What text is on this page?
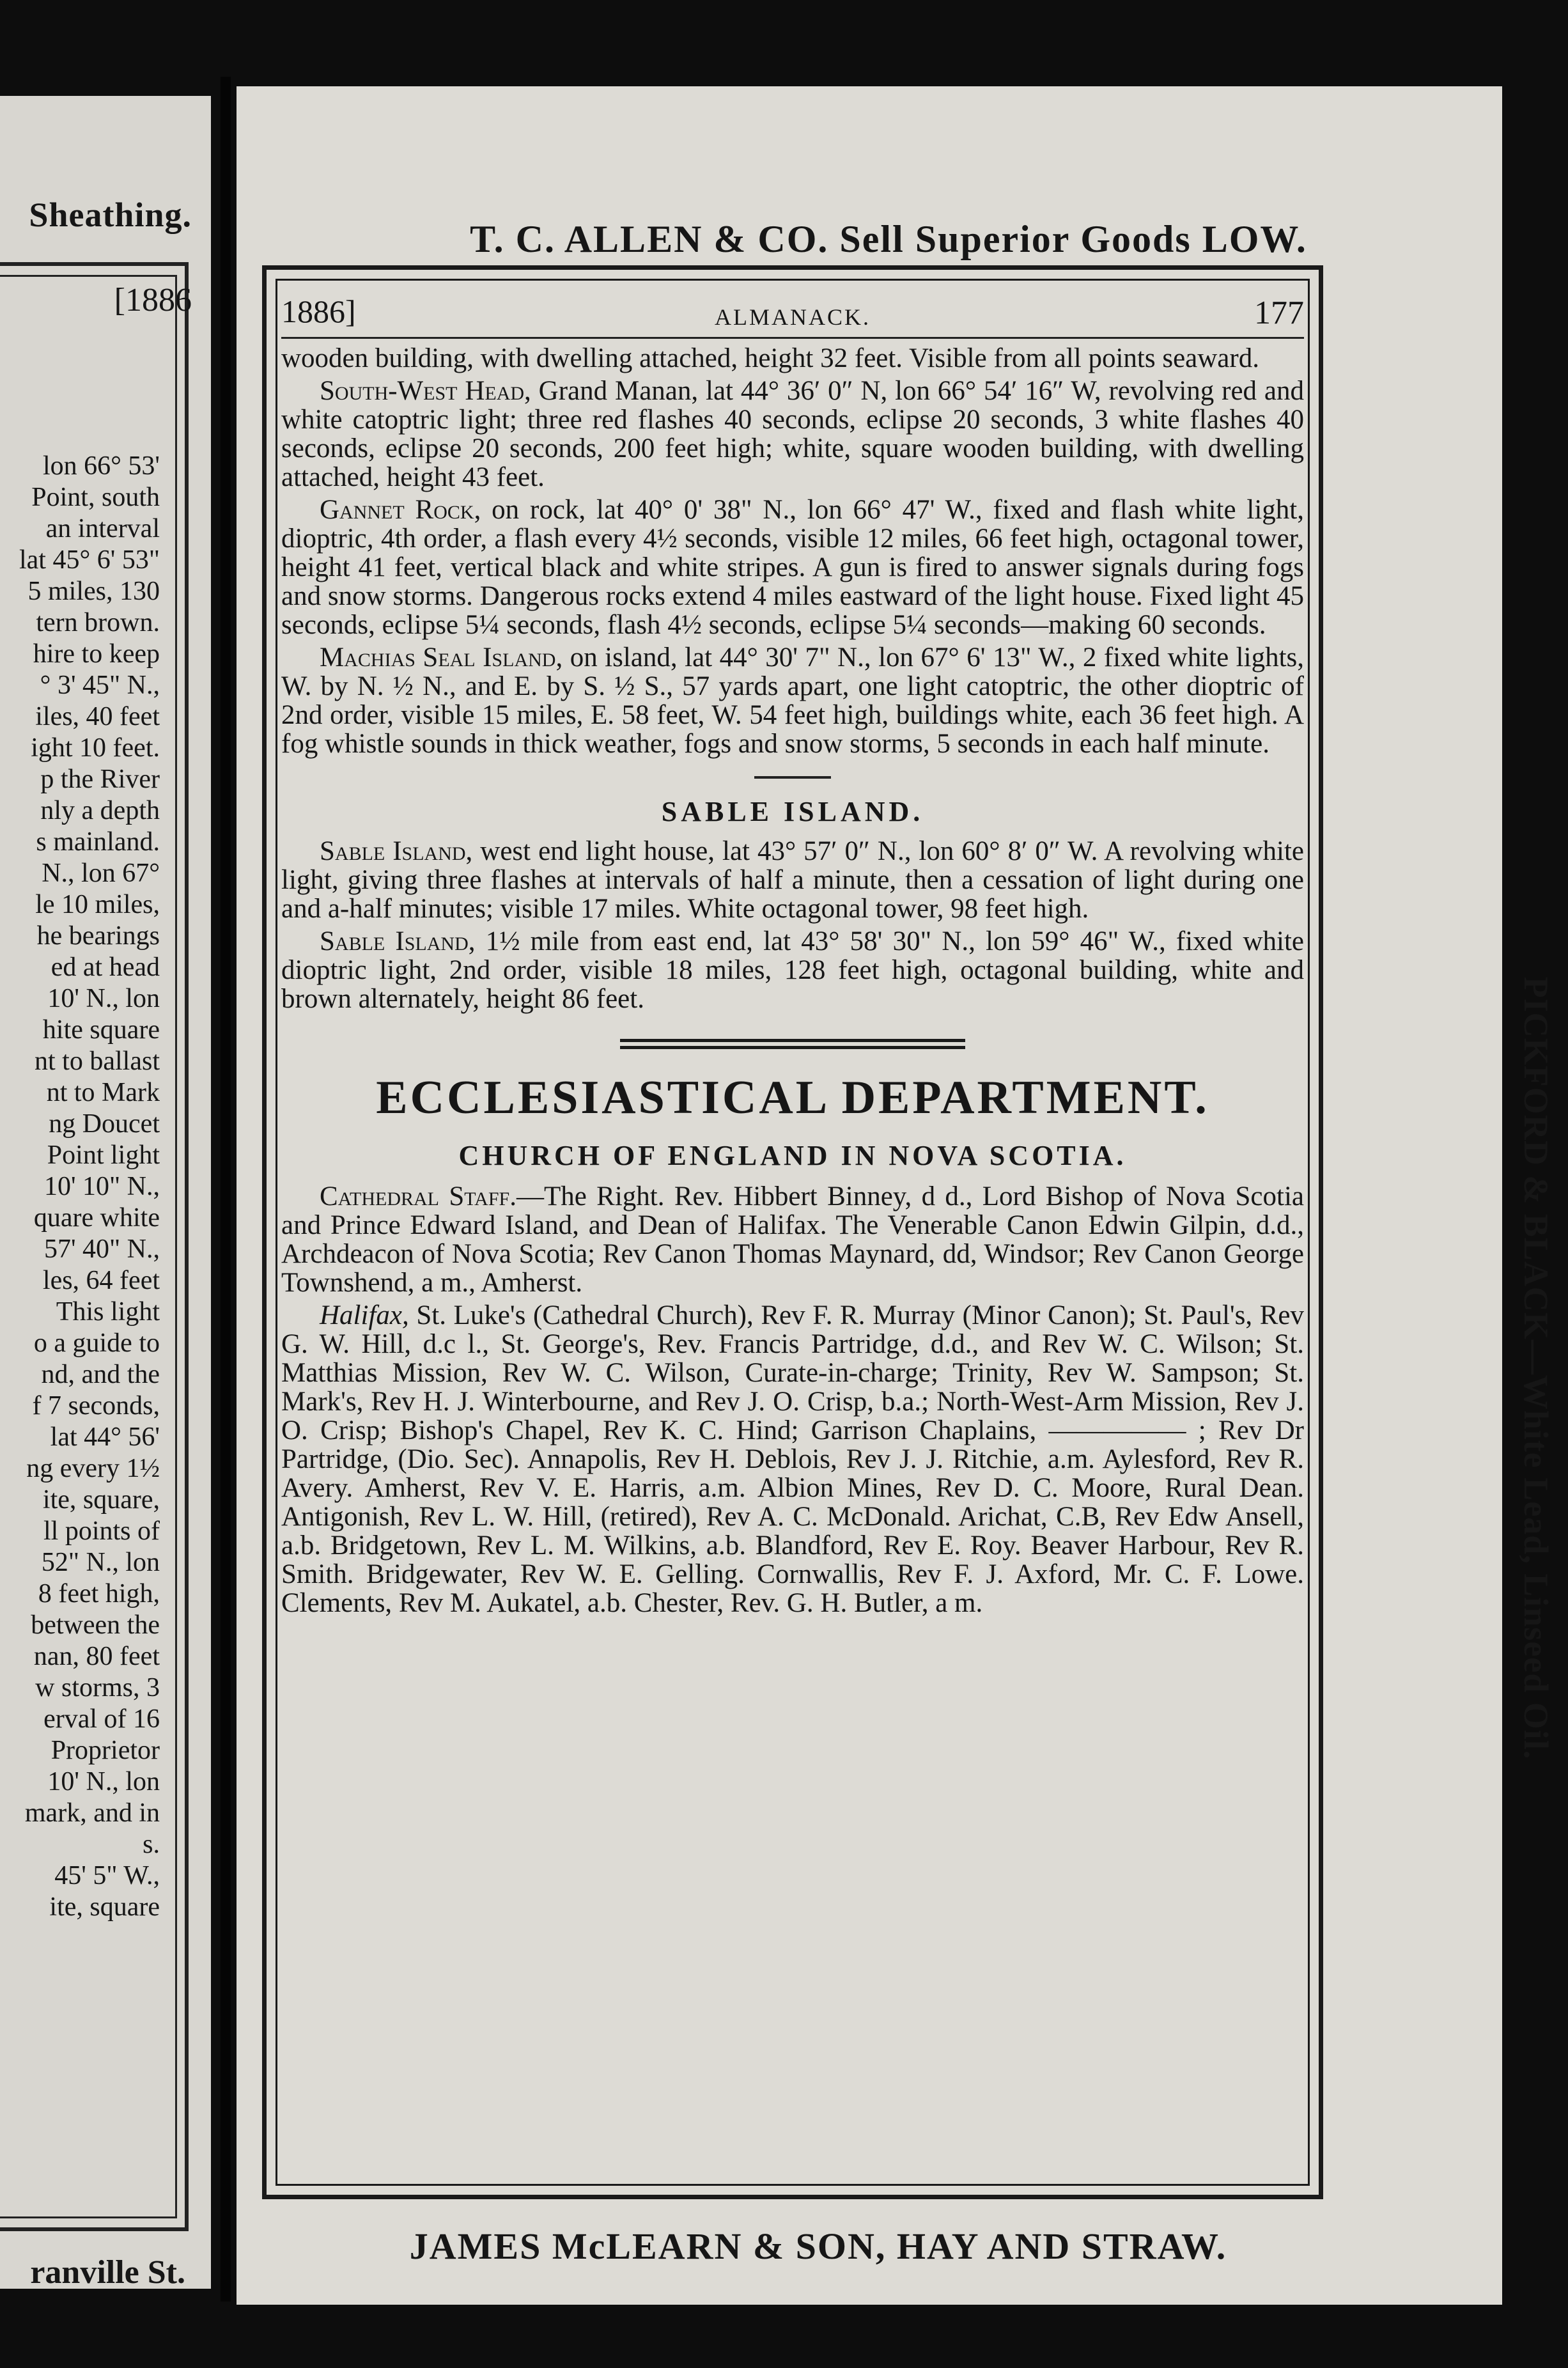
Sheathing.
[1886
lon 66° 53'
Point, south
an interval
lat 45° 6' 53"
5 miles, 130
tern brown.
hire to keep
° 3' 45" N.,
iles, 40 feet
ight 10 feet.
p the River
nly a depth
s mainland.
N., lon 67°
le 10 miles,
he bearings
ed at head
10' N., lon
hite square
nt to ballast
nt to Mark
ng Doucet
Point light
10' 10" N.,
quare white
57' 40" N.,
les, 64 feet
This light
o a guide to
nd, and the
f 7 seconds,
lat 44° 56'
ng every 1½
ite, square,
ll points of
52" N., lon
8 feet high,
between the
nan, 80 feet
w storms, 3
erval of 16
Proprietor
10' N., lon
mark, and in
s.
45' 5" W.,
ite, square
ranville St.
T. C. ALLEN & CO. Sell Superior Goods LOW.
1886]	ALMANACK.	177

wooden building, with dwelling attached, height 32 feet. Visible from all points seaward.

South-West Head, Grand Manan, lat 44° 36′ 0″ N, lon 66° 54′ 16″ W, revolving red and white catoptric light; three red flashes 40 seconds, eclipse 20 seconds, 3 white flashes 40 seconds, eclipse 20 seconds, 200 feet high; white, square wooden building, with dwelling attached, height 43 feet.

Gannet Rock, on rock, lat 40° 0' 38" N., lon 66° 47' W., fixed and flash white light, dioptric, 4th order, a flash every 4½ seconds, visible 12 miles, 66 feet high, octagonal tower, height 41 feet, vertical black and white stripes. A gun is fired to answer signals during fogs and snow storms. Dangerous rocks extend 4 miles eastward of the light house. Fixed light 45 seconds, eclipse 5¼ seconds, flash 4½ seconds, eclipse 5¼ seconds—making 60 seconds.

Machias Seal Island, on island, lat 44° 30' 7" N., lon 67° 6' 13" W., 2 fixed white lights, W. by N. ½ N., and E. by S. ½ S., 57 yards apart, one light catoptric, the other dioptric of 2nd order, visible 15 miles, E. 58 feet, W. 54 feet high, buildings white, each 36 feet high. A fog whistle sounds in thick weather, fogs and snow storms, 5 seconds in each half minute.

SABLE ISLAND.

Sable Island, west end light house, lat 43° 57′ 0″ N., lon 60° 8′ 0″ W. A revolving white light, giving three flashes at intervals of half a minute, then a cessation of light during one and a-half minutes; visible 17 miles. White octagonal tower, 98 feet high.

Sable Island, 1½ mile from east end, lat 43° 58' 30" N., lon 59° 46" W., fixed white dioptric light, 2nd order, visible 18 miles, 128 feet high, octagonal building, white and brown alternately, height 86 feet.

ECCLESIASTICAL DEPARTMENT.
CHURCH OF ENGLAND IN NOVA SCOTIA.

Cathedral Staff.—The Right. Rev. Hibbert Binney, d d., Lord Bishop of Nova Scotia and Prince Edward Island, and Dean of Halifax. The Venerable Canon Edwin Gilpin, d.d., Archdeacon of Nova Scotia; Rev Canon Thomas Maynard, dd, Windsor; Rev Canon George Townshend, a m., Amherst.

Halifax, St. Luke's (Cathedral Church), Rev F. R. Murray (Minor Canon); St. Paul's, Rev G. W. Hill, d.c l., St. George's, Rev. Francis Partridge, d.d., and Rev W. C. Wilson; St. Matthias Mission, Rev W. C. Wilson, Curate-in-charge; Trinity, Rev W. Sampson; St. Mark's, Rev H. J. Winterbourne, and Rev J. O. Crisp, b.a.; North-West-Arm Mission, Rev J. O. Crisp; Bishop's Chapel, Rev K. C. Hind; Garrison Chaplains, ————— ; Rev Dr Partridge, (Dio. Sec). Annapolis, Rev H. Deblois, Rev J. J. Ritchie, a.m. Aylesford, Rev R. Avery. Amherst, Rev V. E. Harris, a.m. Albion Mines, Rev D. C. Moore, Rural Dean. Antigonish, Rev L. W. Hill, (retired), Rev A. C. McDonald. Arichat, C.B, Rev Edw Ansell, a.b. Bridgetown, Rev L. M. Wilkins, a.b. Blandford, Rev E. Roy. Beaver Harbour, Rev R. Smith. Bridgewater, Rev W. E. Gelling. Cornwallis, Rev F. J. Axford, Mr. C. F. Lowe. Clements, Rev M. Aukatel, a.b. Chester, Rev. G. H. Butler, a m.

JAMES McLEARN & SON, HAY AND STRAW.
PICKFORD & BLACK—White Lead, Linseed Oil.
